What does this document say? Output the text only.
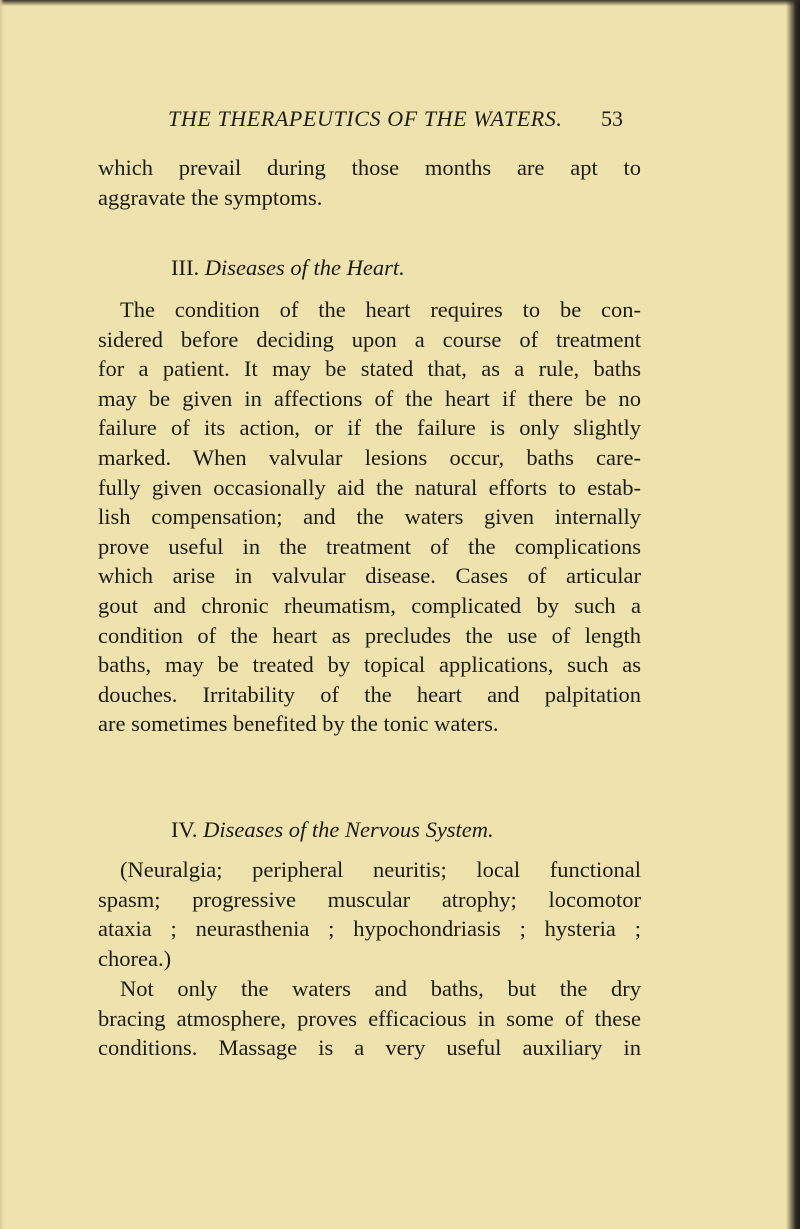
THE THERAPEUTICS OF THE WATERS. 53
which prevail during those months are apt to
aggravate the symptoms.
III. Diseases of the Heart.
The condition of the heart requires to be con-
sidered before deciding upon a course of treatment
for a patient. It may be stated that, as a rule, baths
may be given in affections of the heart if there be no
failure of its action, or if the failure is only slightly
marked. When valvular lesions occur, baths care-
fully given occasionally aid the natural efforts to estab-
lish compensation; and the waters given internally
prove useful in the treatment of the complications
which arise in valvular disease. Cases of articular
gout and chronic rheumatism, complicated by such a
condition of the heart as precludes the use of length
baths, may be treated by topical applications, such as
douches. Irritability of the heart and palpitation
are sometimes benefited by the tonic waters.
IV. Diseases of the Nervous System.
(Neuralgia; peripheral neuritis; local functional
spasm; progressive muscular atrophy; locomotor
ataxia ; neurasthenia ; hypochondriasis ; hysteria ;
chorea.)
Not only the waters and baths, but the dry
bracing atmosphere, proves efficacious in some of these
conditions. Massage is a very useful auxiliary in
